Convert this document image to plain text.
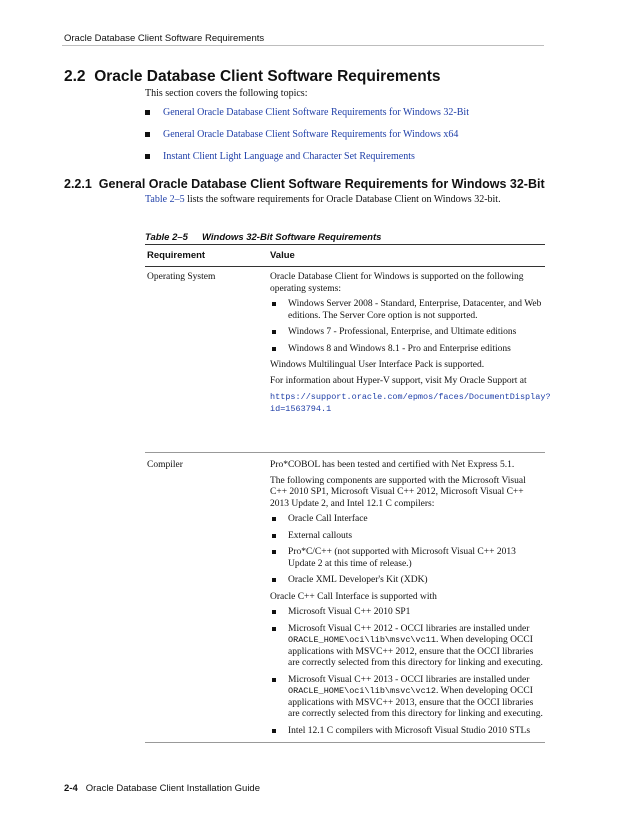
Oracle Database Client Software Requirements
2.2 Oracle Database Client Software Requirements
This section covers the following topics:
General Oracle Database Client Software Requirements for Windows 32-Bit
General Oracle Database Client Software Requirements for Windows x64
Instant Client Light Language and Character Set Requirements
2.2.1 General Oracle Database Client Software Requirements for Windows 32-Bit
Table 2–5 lists the software requirements for Oracle Database Client on Windows 32-bit.
Table 2–5 Windows 32-Bit Software Requirements
Requirement	Value
Operating System	Oracle Database Client for Windows is supported on the following operating systems:

Windows Server 2008 - Standard, Enterprise, Datacenter, and Web editions. The Server Core option is not supported.
Windows 7 - Professional, Enterprise, and Ultimate editions
Windows 8 and Windows 8.1 - Pro and Enterprise editions

Windows Multilingual User Interface Pack is supported.

For information about Hyper-V support, visit My Oracle Support at

https://support.oracle.com/epmos/faces/DocumentDisplay?
id=1563794.1
Compiler	Pro*COBOL has been tested and certified with Net Express 5.1.

The following components are supported with the Microsoft Visual C++ 2010 SP1, Microsoft Visual C++ 2012, Microsoft Visual C++ 2013 Update 2, and Intel 12.1 C compilers:

Oracle Call Interface
External callouts
Pro*C/C++ (not supported with Microsoft Visual C++ 2013 Update 2 at this time of release.)
Oracle XML Developer's Kit (XDK)

Oracle C++ Call Interface is supported with

Microsoft Visual C++ 2010 SP1
Microsoft Visual C++ 2012 - OCCI libraries are installed under ORACLE_HOME\oci\lib\msvc\vc11. When developing OCCI applications with MSVC++ 2012, ensure that the OCCI libraries are correctly selected from this directory for linking and executing.
Microsoft Visual C++ 2013 - OCCI libraries are installed under ORACLE_HOME\oci\lib\msvc\vc12. When developing OCCI applications with MSVC++ 2013, ensure that the OCCI libraries are correctly selected from this directory for linking and executing.
Intel 12.1 C compilers with Microsoft Visual Studio 2010 STLs
2-4 Oracle Database Client Installation Guide
